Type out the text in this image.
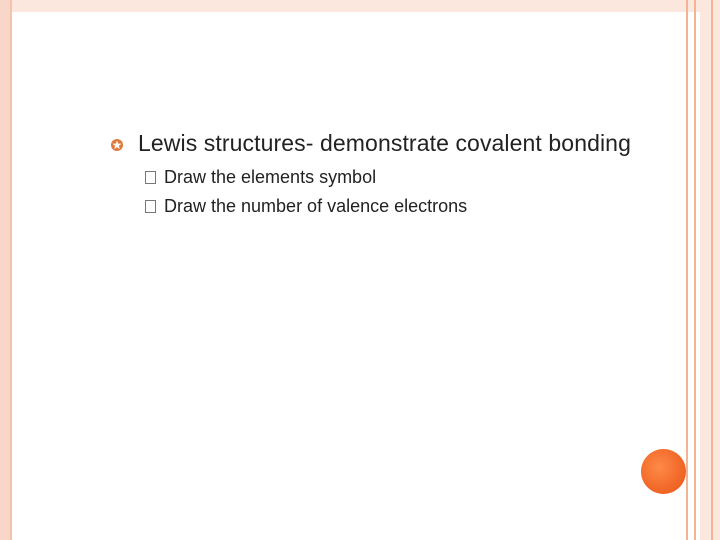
Lewis structures- demonstrate covalent bonding
Draw the elements symbol
Draw the number of valence electrons
